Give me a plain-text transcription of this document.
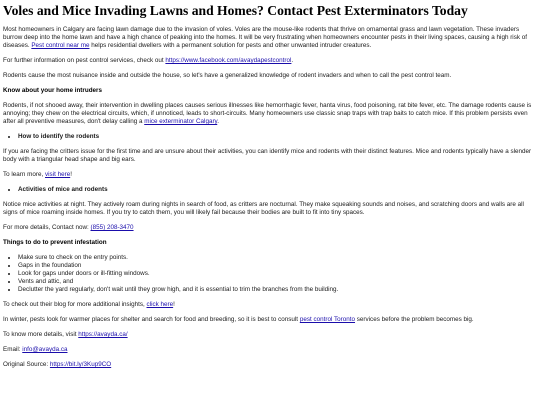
Voles and Mice Invading Lawns and Homes? Contact Pest Exterminators Today

Most homeowners in Calgary are facing lawn damage due to the invasion of voles. Voles are the mouse-like rodents that thrive on ornamental grass and lawn vegetation. These invaders burrow deep into the home lawn and have a high chance of peaking into the homes. It will be very frustrating when homeowners encounter pests in their living spaces, causing a high risk of diseases. Pest control near me helps residential dwellers with a permanent solution for pests and other unwanted intruder creatures.

For further information on pest control services, check out https://www.facebook.com/avaydapestcontrol.

Rodents cause the most nuisance inside and outside the house, so let's have a generalized knowledge of rodent invaders and when to call the pest control team.

Know about your home intruders

Rodents, if not shooed away, their intervention in dwelling places causes serious illnesses like hemorrhagic fever, hanta virus, food poisoning, rat bite fever, etc. The damage rodents cause is annoying; they chew on the electrical circuits, which, if unnoticed, leads to short-circuits. Many homeowners use classic snap traps with trap baits to catch mice. If this problem persists even after all preventive measures, don't delay calling a mice exterminator Calgary.

• How to identify the rodents

If you are facing the critters issue for the first time and are unsure about their activities, you can identify mice and rodents with their distinct features. Mice and rodents typically have a slender body with a triangular head shape and big ears.

To learn more, visit here!

• Activities of mice and rodents

Notice mice activities at night. They actively roam during nights in search of food, as critters are nocturnal. They make squeaking sounds and noises, and scratching doors and walls are all signs of mice roaming inside homes. If you try to catch them, you will likely fail because their bodies are built to fit into tiny spaces.

For more details, Contact now: (855) 208-3470

Things to do to prevent infestation

• Make sure to check on the entry points.
• Gaps in the foundation
• Look for gaps under doors or ill-fitting windows.
• Vents and attic, and
• Declutter the yard regularly, don't wait until they grow high, and it is essential to trim the branches from the building.

To check out their blog for more additional insights, click here!

In winter, pests look for warmer places for shelter and search for food and breeding, so it is best to consult pest control Toronto services before the problem becomes big.

To know more details, visit https://avayda.ca/

Email: info@avayda.ca

Original Source: https://bit.ly/3Kup9CO
